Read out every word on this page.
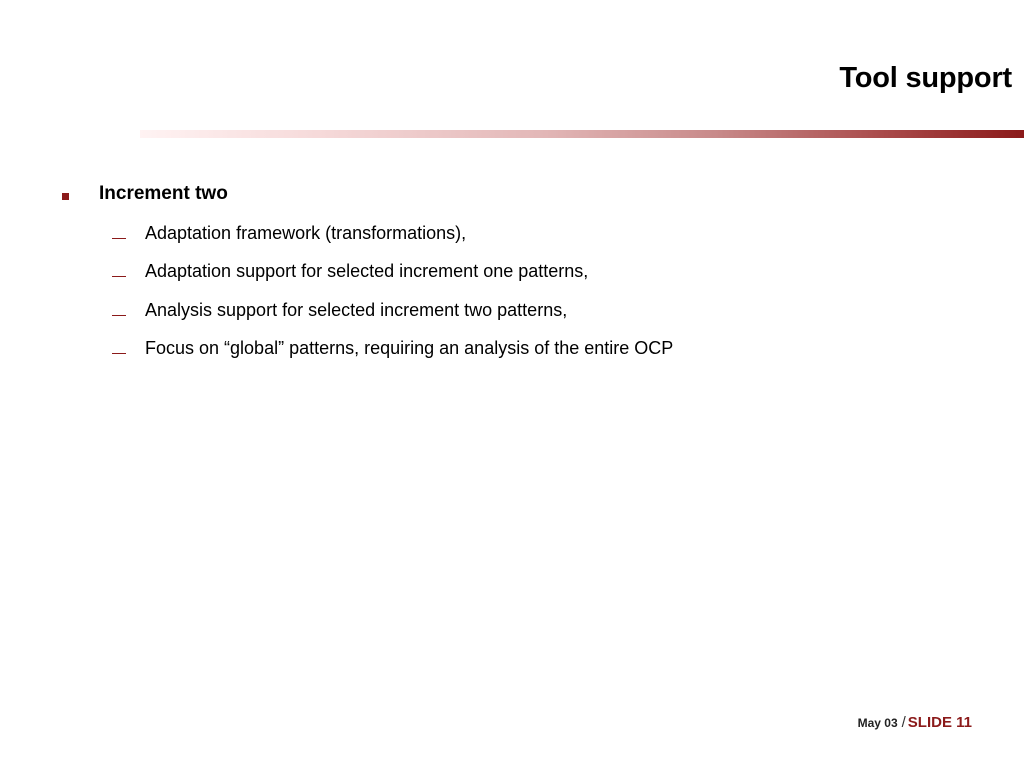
Tool support
Increment two
Adaptation framework (transformations),
Adaptation support for selected increment one patterns,
Analysis support for selected increment two patterns,
Focus on “global” patterns, requiring an analysis of the entire OCP
May 03 / SLIDE 11
